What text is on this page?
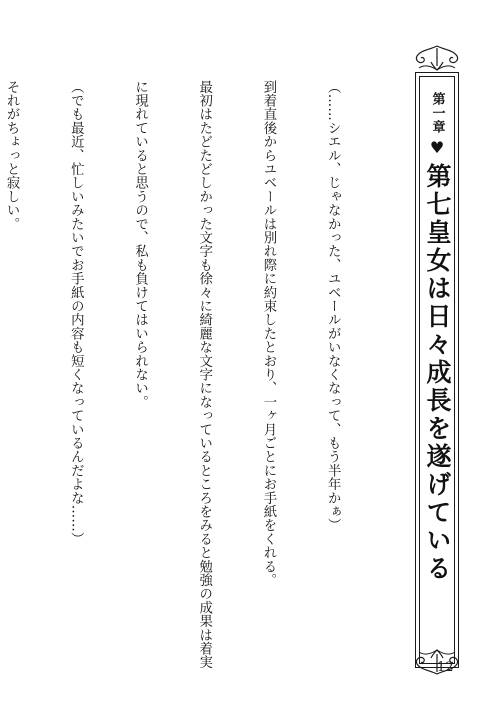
第一章
♥
第七皇女は日々成長を遂げている

（……シエル、じゃなかった、ユベールがいなくなって、もう半年かぁ）

到着直後からユベールは別れ際に約束したとおり、一ヶ月ごとにお手紙をくれる。

最初はたどたどしかった文字も徐々に綺麗な文字になっているところをみると勉強の成果は着実

に現れていると思うので、私も負けてはいられない。

（でも最近、忙しいみたいでお手紙の内容も短くなっているんだよな……）

それがちょっと寂しい。

12
